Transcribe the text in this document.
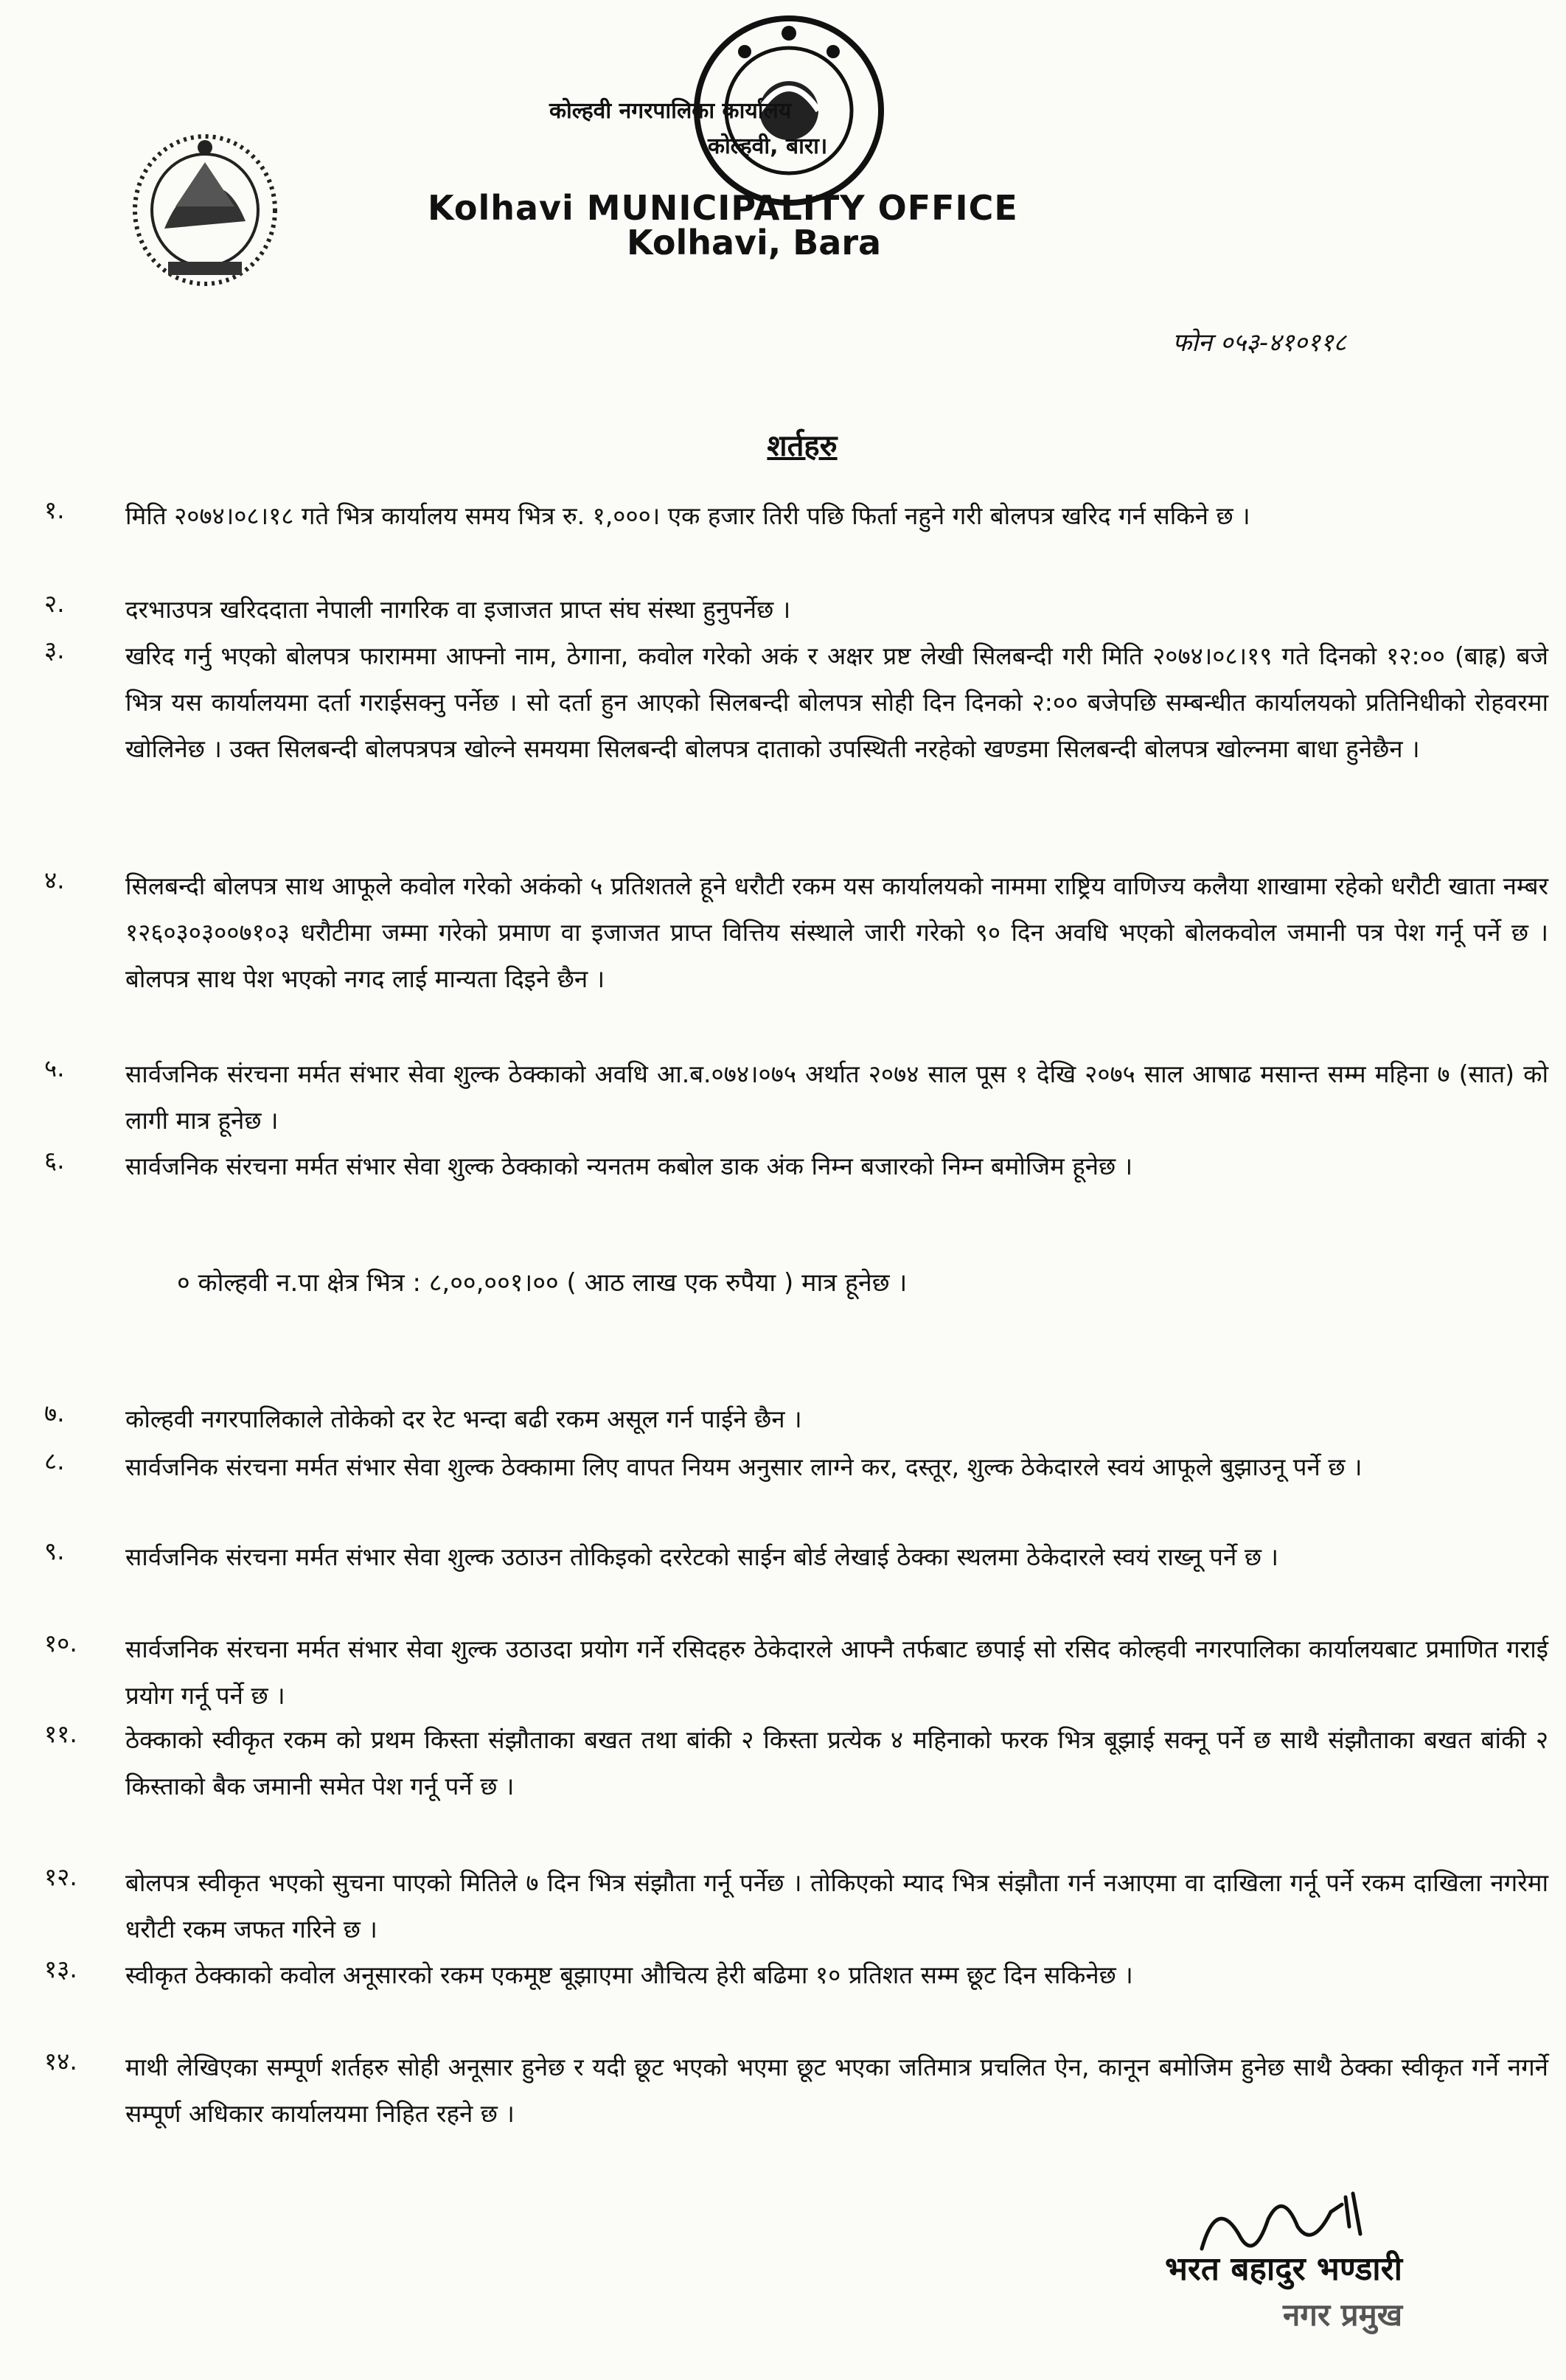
कोल्हवी नगरपालिका कार्यालय
कोल्हवी, बारा।
Kolhavi MUNICIPALITY OFFICE
Kolhavi, Bara
फोन ०५३-४१०११८
शर्तहरु
१.	मिति २०७४।०८।१८ गते भित्र कार्यालय समय भित्र रु. १,०००। एक हजार तिरी पछि फिर्ता नहुने गरी बोलपत्र खरिद गर्न सकिने छ ।
२.	दरभाउपत्र खरिददाता नेपाली नागरिक वा इजाजत प्राप्त संघ संस्था हुनुपर्नेछ ।
३.	खरिद गर्नु भएको बोलपत्र फाराममा आफ्नो नाम, ठेगाना, कवोल गरेको अकं र अक्षर प्रष्ट लेखी सिलबन्दी गरी मिति २०७४।०८।१९ गते दिनको १२:०० (बाह्र) बजे भित्र यस कार्यालयमा दर्ता गराईसक्नु पर्नेछ । सो दर्ता हुन आएको सिलबन्दी बोलपत्र सोही दिन दिनको २:०० बजेपछि सम्बन्धीत कार्यालयको प्रतिनिधीको रोहवरमा खोलिनेछ । उक्त सिलबन्दी बोलपत्रपत्र खोल्ने समयमा सिलबन्दी बोलपत्र दाताको उपस्थिती नरहेको खण्डमा सिलबन्दी बोलपत्र खोल्नमा बाधा हुनेछैन ।
४.	सिलबन्दी बोलपत्र साथ आफूले कवोल गरेको अकंको ५ प्रतिशतले हूने धरौटी रकम यस कार्यालयको नाममा राष्ट्रिय वाणिज्य कलैया शाखामा रहेको धरौटी खाता नम्बर १२६०३०३००७१०३ धरौटीमा जम्मा गरेको प्रमाण वा इजाजत प्राप्त वित्तिय संस्थाले जारी गरेको ९० दिन अवधि भएको बोलकवोल जमानी पत्र पेश गर्नू पर्ने छ । बोलपत्र साथ पेश भएको नगद लाई मान्यता दिइने छैन ।
५.	सार्वजनिक संरचना मर्मत संभार सेवा शुल्क ठेक्काको अवधि आ.ब.०७४।०७५ अर्थात २०७४ साल पूस १ देखि २०७५ साल आषाढ मसान्त सम्म महिना ७ (सात) को लागी मात्र हूनेछ ।
६.	सार्वजनिक संरचना मर्मत संभार सेवा शुल्क ठेक्काको न्यनतम कबोल डाक अंक निम्न बजारको निम्न बमोजिम हूनेछ ।
० कोल्हवी न.पा क्षेत्र भित्र : ८,००,००१।०० ( आठ लाख एक रुपैया ) मात्र हूनेछ ।
७.	कोल्हवी नगरपालिकाले तोकेको दर रेट भन्दा बढी रकम असूल गर्न पाईने छैन ।
८.	सार्वजनिक संरचना मर्मत संभार सेवा शुल्क ठेक्कामा लिए वापत नियम अनुसार लाग्ने कर, दस्तूर, शुल्क ठेकेदारले स्वयं आफूले बुझाउनू पर्ने छ ।
९.	सार्वजनिक संरचना मर्मत संभार सेवा शुल्क उठाउन तोकिइको दररेटको साईन बोर्ड लेखाई ठेक्का स्थलमा ठेकेदारले स्वयं राख्नू पर्ने छ ।
१०.	सार्वजनिक संरचना मर्मत संभार सेवा शुल्क उठाउदा प्रयोग गर्ने रसिदहरु ठेकेदारले आफ्नै तर्फबाट छपाई सो रसिद कोल्हवी नगरपालिका कार्यालयबाट प्रमाणित गराई प्रयोग गर्नू पर्ने छ ।
११.	ठेक्काको स्वीकृत रकम को प्रथम किस्ता संझौताका बखत तथा बांकी २ किस्ता प्रत्येक ४ महिनाको फरक भित्र बूझाई सक्नू पर्ने छ साथै संझौताका बखत बांकी २ किस्ताको बैक जमानी समेत पेश गर्नू पर्ने छ ।
१२.	बोलपत्र स्वीकृत भएको सुचना पाएको मितिले ७ दिन भित्र संझौता गर्नू पर्नेछ । तोकिएको म्याद भित्र संझौता गर्न नआएमा वा दाखिला गर्नू पर्ने रकम दाखिला नगरेमा धरौटी रकम जफत गरिने छ ।
१३.	स्वीकृत ठेक्काको कवोल अनूसारको रकम एकमूष्ट बूझाएमा औचित्य हेरी बढिमा १० प्रतिशत सम्म छूट दिन सकिनेछ ।
१४.	माथी लेखिएका सम्पूर्ण शर्तहरु सोही अनूसार हुनेछ र यदी छूट भएको भएमा छूट भएका जतिमात्र प्रचलित ऐन, कानून बमोजिम हुनेछ साथै ठेक्का स्वीकृत गर्ने नगर्ने सम्पूर्ण अधिकार कार्यालयमा निहित रहने छ ।
भरत बहादुर भण्डारी
नगर प्रमुख
